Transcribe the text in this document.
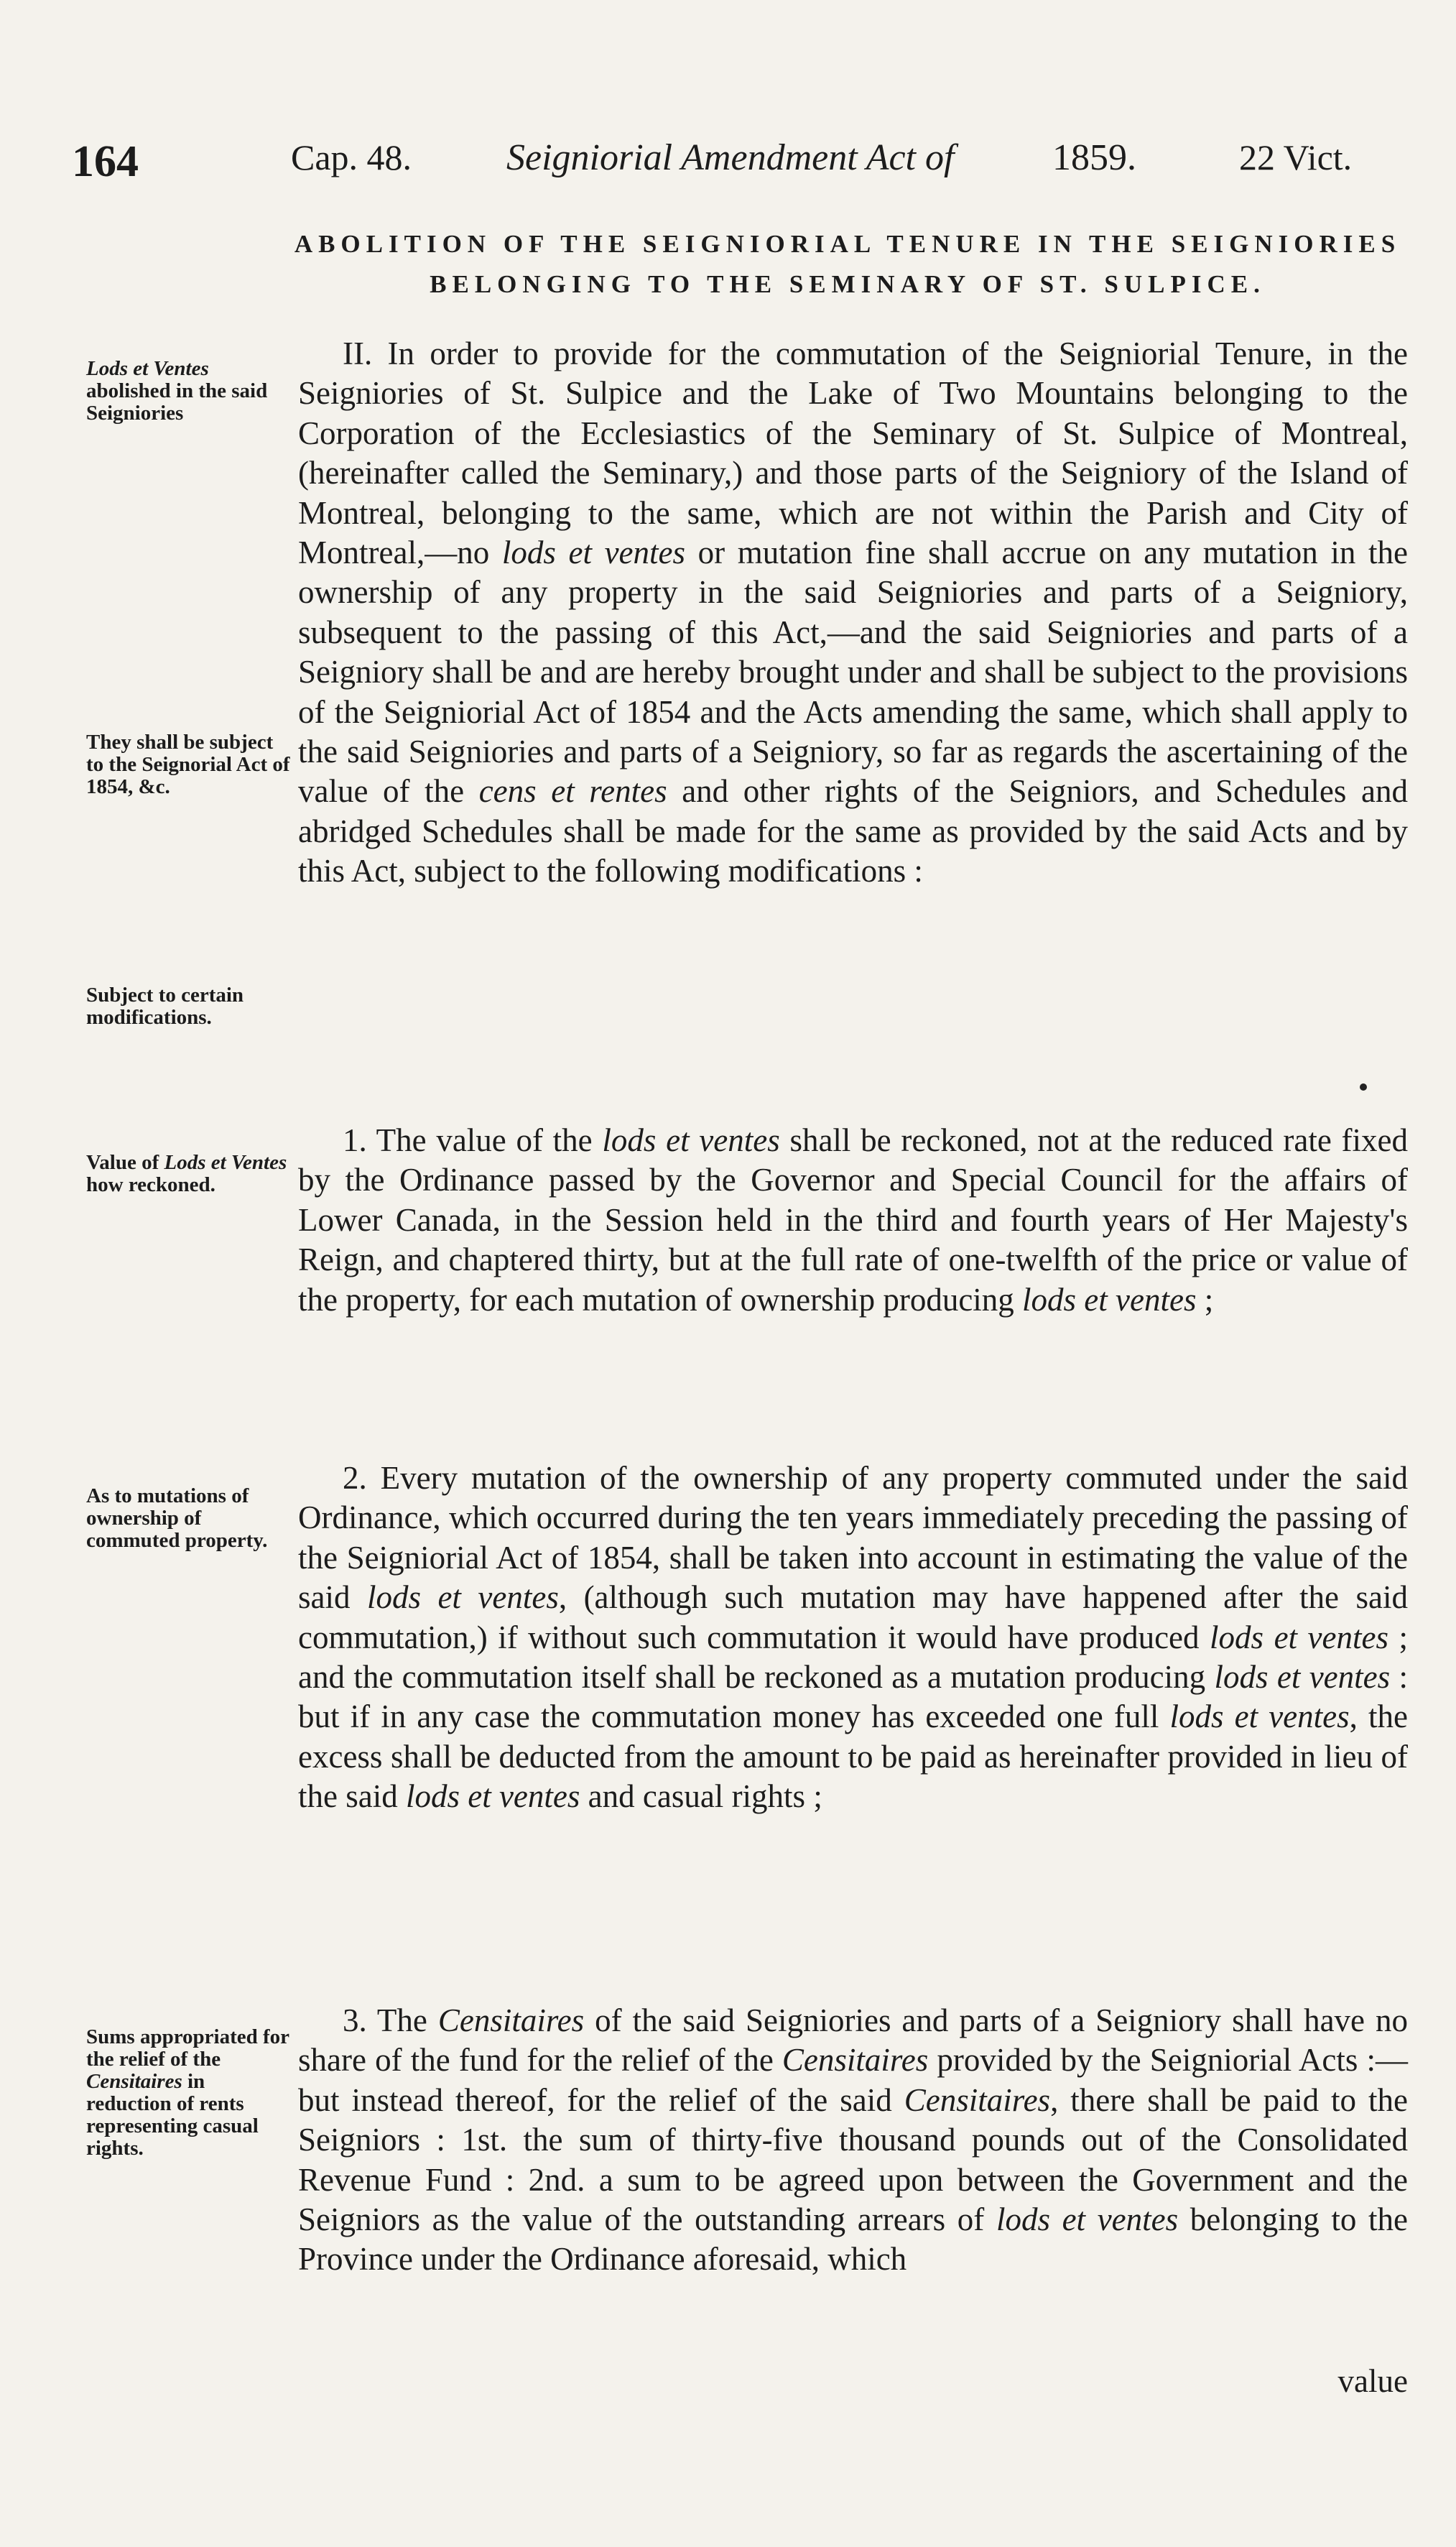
164	Cap. 48.	Seigniorial Amendment Act of	1859.	22 Vict.
ABOLITION OF THE SEIGNIORIAL TENURE IN THE SEIGNIORIES BELONGING TO THE SEMINARY OF ST. SULPICE.
Lods et Ventes abolished in the said Seigniories
They shall be subject to the Seignorial Act of 1854, &c.
Subject to certain modifications.
Value of Lods et Ventes how reckoned.
As to mutations of ownership of commuted property.
Sums appropriated for the relief of the Censitaires in reduction of rents representing casual rights.
II. In order to provide for the commutation of the Seigniorial Tenure, in the Seigniories of St. Sulpice and the Lake of Two Mountains belonging to the Corporation of the Ecclesiastics of the Seminary of St. Sulpice of Montreal, (hereinafter called the Seminary,) and those parts of the Seigniory of the Island of Montreal, belonging to the same, which are not within the Parish and City of Montreal,—no lods et ventes or mutation fine shall accrue on any mutation in the ownership of any property in the said Seigniories and parts of a Seigniory, subsequent to the passing of this Act,—and the said Seigniories and parts of a Seigniory shall be and are hereby brought under and shall be subject to the provisions of the Seigniorial Act of 1854 and the Acts amending the same, which shall apply to the said Seigniories and parts of a Seigniory, so far as regards the ascertaining of the value of the cens et rentes and other rights of the Seigniors, and Schedules and abridged Schedules shall be made for the same as provided by the said Acts and by this Act, subject to the following modifications :
1. The value of the lods et ventes shall be reckoned, not at the reduced rate fixed by the Ordinance passed by the Governor and Special Council for the affairs of Lower Canada, in the Session held in the third and fourth years of Her Majesty's Reign, and chaptered thirty, but at the full rate of one-twelfth of the price or value of the property, for each mutation of ownership producing lods et ventes ;
2. Every mutation of the ownership of any property commuted under the said Ordinance, which occurred during the ten years immediately preceding the passing of the Seigniorial Act of 1854, shall be taken into account in estimating the value of the said lods et ventes, (although such mutation may have happened after the said commutation,) if without such commutation it would have produced lods et ventes ; and the commutation itself shall be reckoned as a mutation producing lods et ventes : but if in any case the commutation money has exceeded one full lods et ventes, the excess shall be deducted from the amount to be paid as hereinafter provided in lieu of the said lods et ventes and casual rights ;
3. The Censitaires of the said Seigniories and parts of a Seigniory shall have no share of the fund for the relief of the Censitaires provided by the Seigniorial Acts :—but instead thereof, for the relief of the said Censitaires, there shall be paid to the Seigniors : 1st. the sum of thirty-five thousand pounds out of the Consolidated Revenue Fund : 2nd. a sum to be agreed upon between the Government and the Seigniors as the value of the outstanding arrears of lods et ventes belonging to the Province under the Ordinance aforesaid, which
value
